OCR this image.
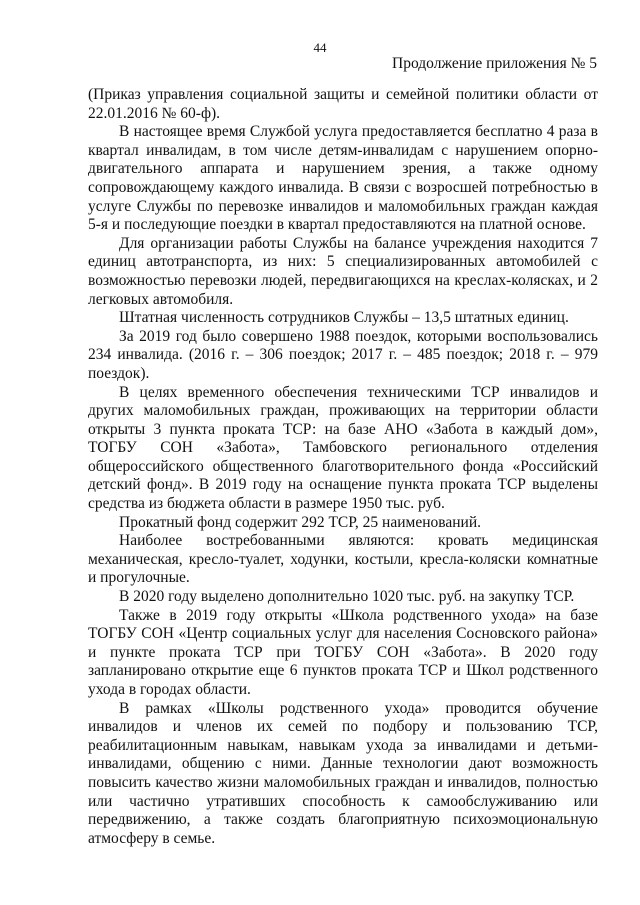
44
Продолжение приложения № 5

(Приказ управления социальной защиты и семейной политики области от 22.01.2016 № 60-ф).

В настоящее время Службой услуга предоставляется бесплатно 4 раза в квартал инвалидам, в том числе детям-инвалидам с нарушением опорно-двигательного аппарата и нарушением зрения, а также одному сопровождающему каждого инвалида. В связи с возросшей потребностью в услуге Службы по перевозке инвалидов и маломобильных граждан каждая 5-я и последующие поездки в квартал предоставляются на платной основе.

Для организации работы Службы на балансе учреждения находится 7 единиц автотранспорта, из них: 5 специализированных автомобилей с возможностью перевозки людей, передвигающихся на креслах-колясках, и 2 легковых автомобиля.

Штатная численность сотрудников Службы – 13,5 штатных единиц.

За 2019 год было совершено 1988 поездок, которыми воспользовались 234 инвалида. (2016 г. – 306 поездок; 2017 г. – 485 поездок; 2018 г. – 979 поездок).

В целях временного обеспечения техническими ТСР инвалидов и других маломобильных граждан, проживающих на территории области открыты 3 пункта проката ТСР: на базе АНО «Забота в каждый дом», ТОГБУ СОН «Забота», Тамбовского регионального отделения общероссийского общественного благотворительного фонда «Российский детский фонд». В 2019 году на оснащение пункта проката ТСР выделены средства из бюджета области в размере 1950 тыс. руб.

Прокатный фонд содержит 292 ТСР, 25 наименований.

Наиболее востребованными являются: кровать медицинская механическая, кресло-туалет, ходунки, костыли, кресла-коляски комнатные и прогулочные.

В 2020 году выделено дополнительно 1020 тыс. руб. на закупку ТСР.

Также в 2019 году открыты «Школа родственного ухода» на базе ТОГБУ СОН «Центр социальных услуг для населения Сосновского района» и пункте проката ТСР при ТОГБУ СОН «Забота». В 2020 году запланировано открытие еще 6 пунктов проката ТСР и Школ родственного ухода в городах области.

В рамках «Школы родственного ухода» проводится обучение инвалидов и членов их семей по подбору и пользованию ТСР, реабилитационным навыкам, навыкам ухода за инвалидами и детьми-инвалидами, общению с ними. Данные технологии дают возможность повысить качество жизни маломобильных граждан и инвалидов, полностью или частично утративших способность к самообслуживанию или передвижению, а также создать благоприятную психоэмоциональную атмосферу в семье.
